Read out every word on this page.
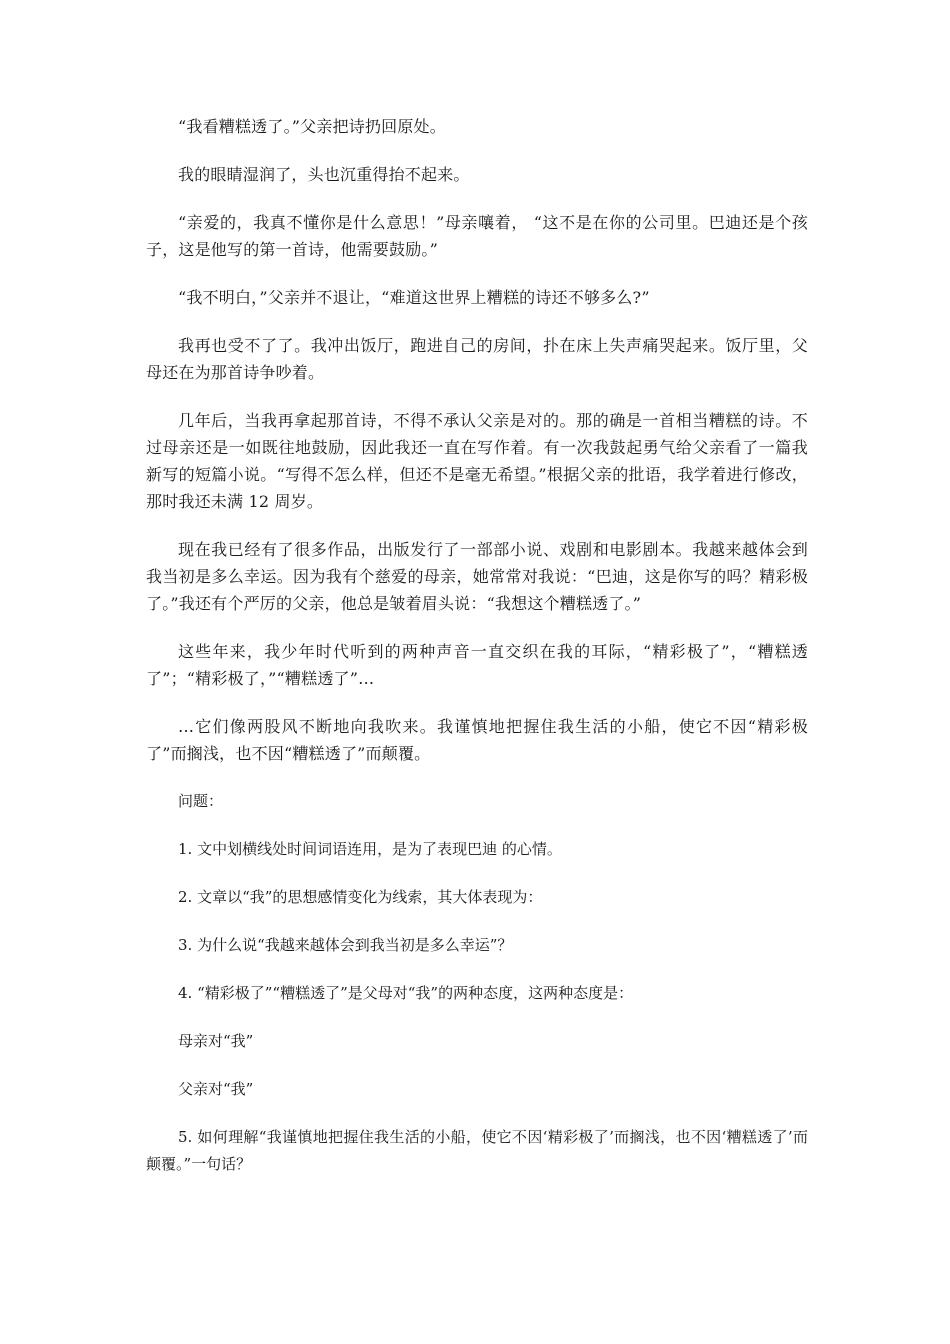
“我看糟糕透了。”父亲把诗扔回原处。

我的眼睛湿润了，头也沉重得抬不起来。

“亲爱的，我真不懂你是什么意思！”母亲嚷着， “这不是在你的公司里。巴迪还是个孩子，这是他写的第一首诗，他需要鼓励。”

“我不明白，”父亲并不退让，“难道这世界上糟糕的诗还不够多么?”

我再也受不了了。我冲出饭厅，跑进自己的房间，扑在床上失声痛哭起来。饭厅里，父母还在为那首诗争吵着。

几年后，当我再拿起那首诗，不得不承认父亲是对的。那的确是一首相当糟糕的诗。不过母亲还是一如既往地鼓励，因此我还一直在写作着。有一次我鼓起勇气给父亲看了一篇我新写的短篇小说。“写得不怎么样，但还不是毫无希望。”根据父亲的批语，我学着进行修改，那时我还未满 12 周岁。

现在我已经有了很多作品，出版发行了一部部小说、戏剧和电影剧本。我越来越体会到我当初是多么幸运。因为我有个慈爱的母亲，她常常对我说：“巴迪，这是你写的吗？精彩极了。”我还有个严厉的父亲，他总是皱着眉头说：“我想这个糟糕透了。”

这些年来，我少年时代听到的两种声音一直交织在我的耳际，“精彩极了”，“糟糕透了”；“精彩极了，”“糟糕透了”…

…它们像两股风不断地向我吹来。我谨慎地把握住我生活的小船，使它不因“精彩极了”而搁浅，也不因“糟糕透了”而颠覆。

问题：

1. 文中划横线处时间词语连用，是为了表现巴迪 的心情。

2. 文章以“我”的思想感情变化为线索，其大体表现为：

3. 为什么说“我越来越体会到我当初是多么幸运”？

4. “精彩极了”“糟糕透了”是父母对“我”的两种态度，这两种态度是：

母亲对“我”

父亲对“我”

5. 如何理解“我谨慎地把握住我生活的小船，使它不因‘精彩极了’而搁浅，也不因‘糟糕透了’而颠覆。”一句话？
